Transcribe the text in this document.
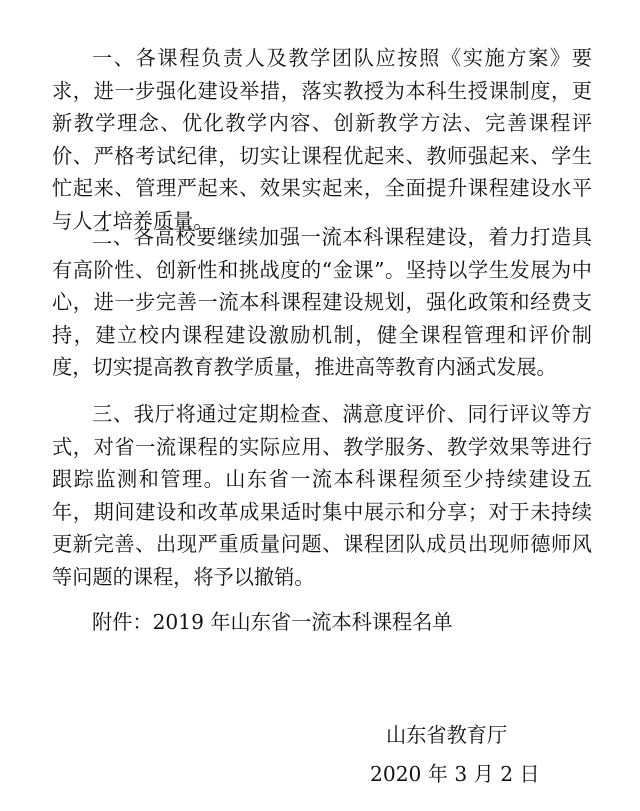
一、各课程负责人及教学团队应按照《实施方案》要求，进一步强化建设举措，落实教授为本科生授课制度，更新教学理念、优化教学内容、创新教学方法、完善课程评价、严格考试纪律，切实让课程优起来、教师强起来、学生忙起来、管理严起来、效果实起来，全面提升课程建设水平与人才培养质量。

二、各高校要继续加强一流本科课程建设，着力打造具有高阶性、创新性和挑战度的“金课”。坚持以学生发展为中心，进一步完善一流本科课程建设规划，强化政策和经费支持，建立校内课程建设激励机制，健全课程管理和评价制度，切实提高教育教学质量，推进高等教育内涵式发展。

三、我厅将通过定期检查、满意度评价、同行评议等方式，对省一流课程的实际应用、教学服务、教学效果等进行跟踪监测和管理。山东省一流本科课程须至少持续建设五年，期间建设和改革成果适时集中展示和分享；对于未持续更新完善、出现严重质量问题、课程团队成员出现师德师风等问题的课程，将予以撤销。

附件：2019 年山东省一流本科课程名单

山东省教育厅

2020 年 3 月 2 日
